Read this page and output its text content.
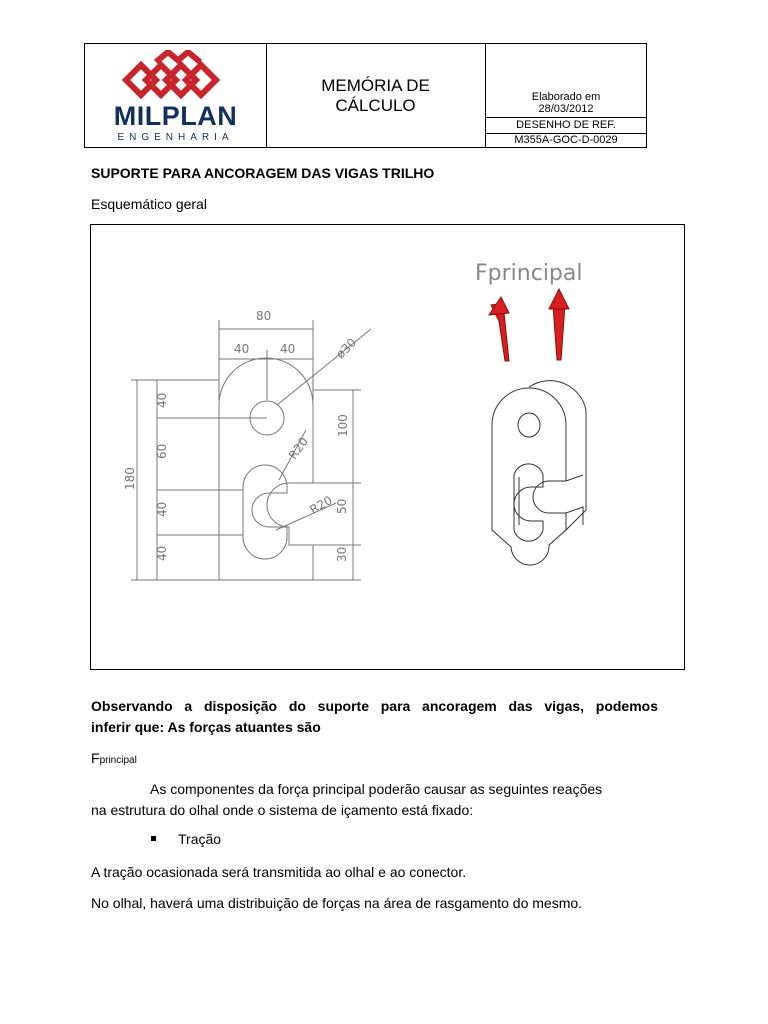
MILPLAN
ENGENHARIA
MEMÓRIA DE
CÁLCULO	Elaborado em
28/03/2012
DESENHO DE REF.
M355A-GOC-D-0029
SUPORTE PARA ANCORAGEM DAS VIGAS TRILHO
Esquemático geral
80
40	40	ø30
R20
R20
180
40
60
40
40
100
50
30
Fprincipal
Observando a disposição do suporte para ancoragem das vigas, podemos
inferir que: As forças atuantes são
Fprincipal
As componentes da força principal poderão causar as seguintes reações
na estrutura do olhal onde o sistema de içamento está fixado:
Tração
A tração ocasionada será transmitida ao olhal e ao conector.
No olhal, haverá uma distribuição de forças na área de rasgamento do mesmo.
